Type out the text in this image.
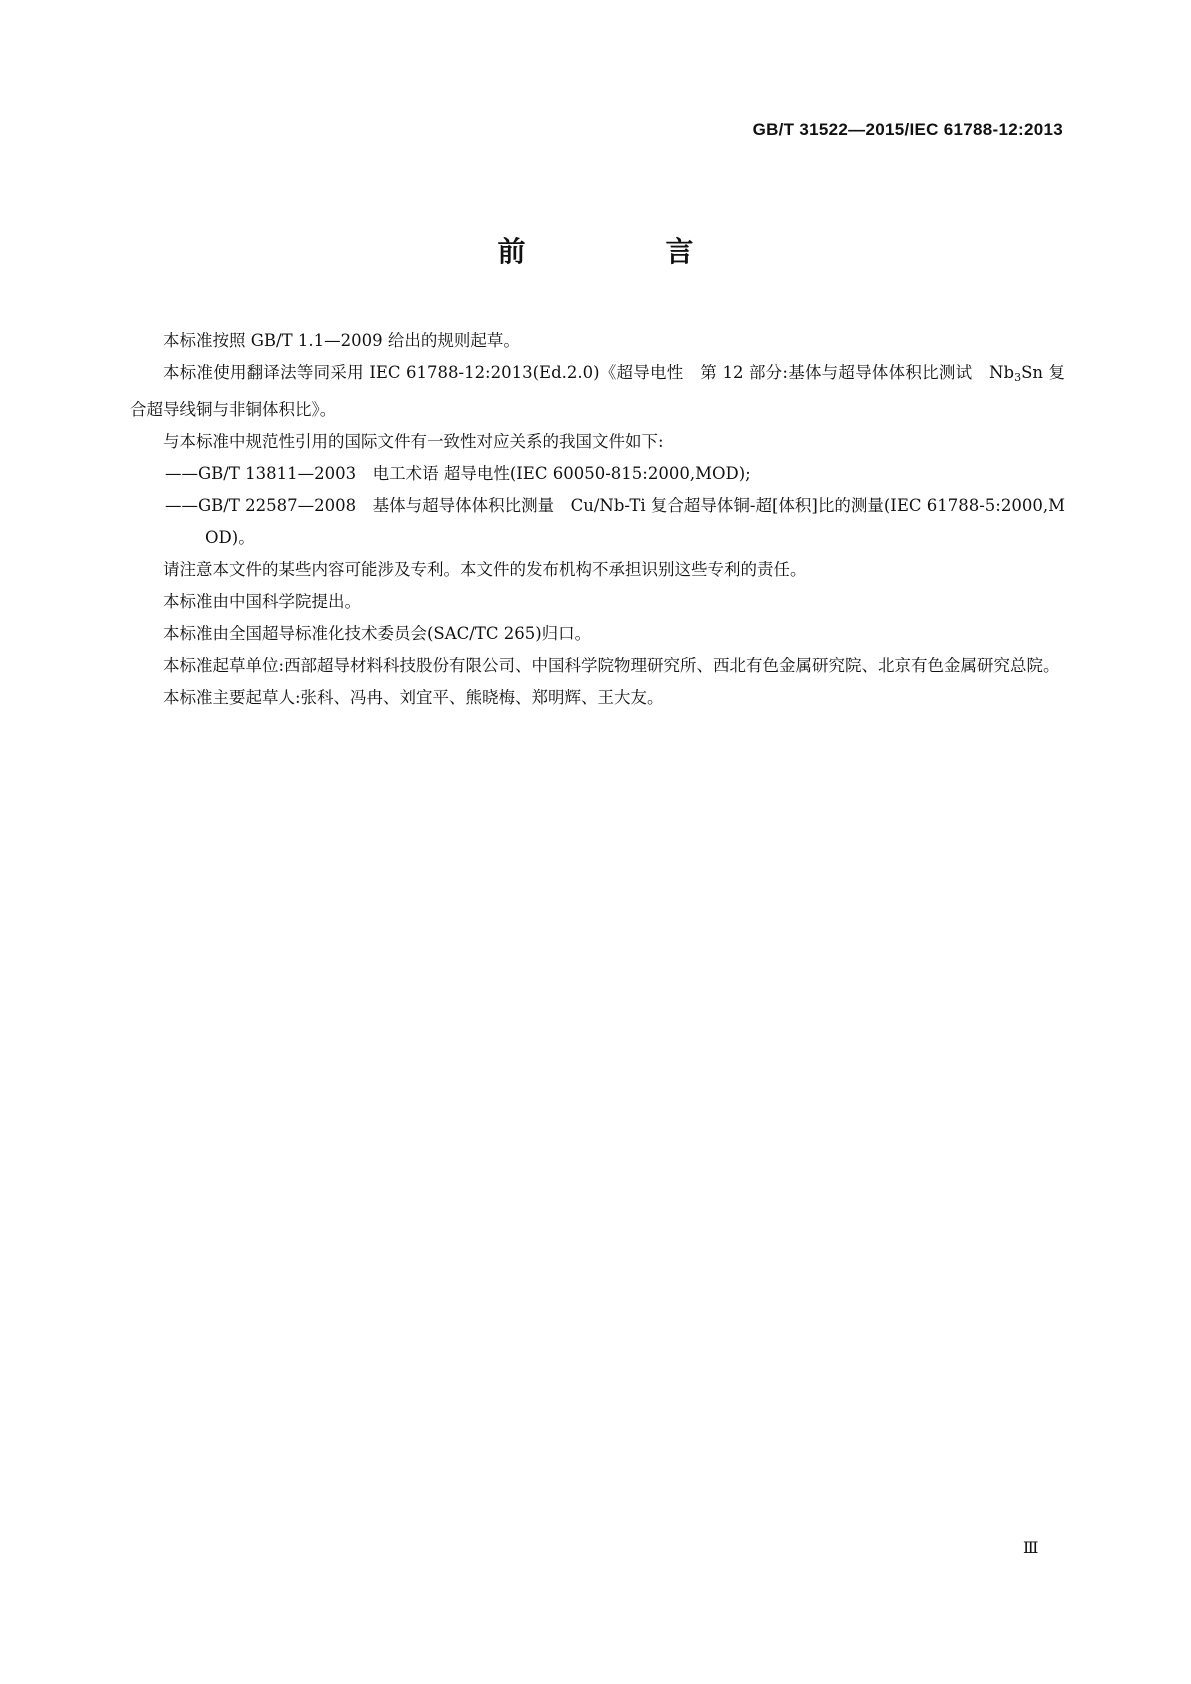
GB/T 31522—2015/IEC 61788-12:2013
前　言

本标准按照 GB/T 1.1—2009 给出的规则起草。

本标准使用翻译法等同采用 IEC 61788-12:2013(Ed.2.0)《超导电性　第 12 部分:基体与超导体体积比测试　$Nb_3Sn$ 复合超导线铜与非铜体积比》。

与本标准中规范性引用的国际文件有一致性对应关系的我国文件如下:

——GB/T 13811—2003　电工术语 超导电性(IEC 60050-815:2000,MOD);

——GB/T 22587—2008　基体与超导体体积比测量　Cu/Nb-Ti 复合超导体铜-超[体积]比的测量(IEC 61788-5:2000,MOD)。

请注意本文件的某些内容可能涉及专利。本文件的发布机构不承担识别这些专利的责任。

本标准由中国科学院提出。

本标准由全国超导标准化技术委员会(SAC/TC 265)归口。

本标准起草单位:西部超导材料科技股份有限公司、中国科学院物理研究所、西北有色金属研究院、北京有色金属研究总院。

本标准主要起草人:张科、冯冉、刘宜平、熊晓梅、郑明辉、王大友。

Ⅲ
